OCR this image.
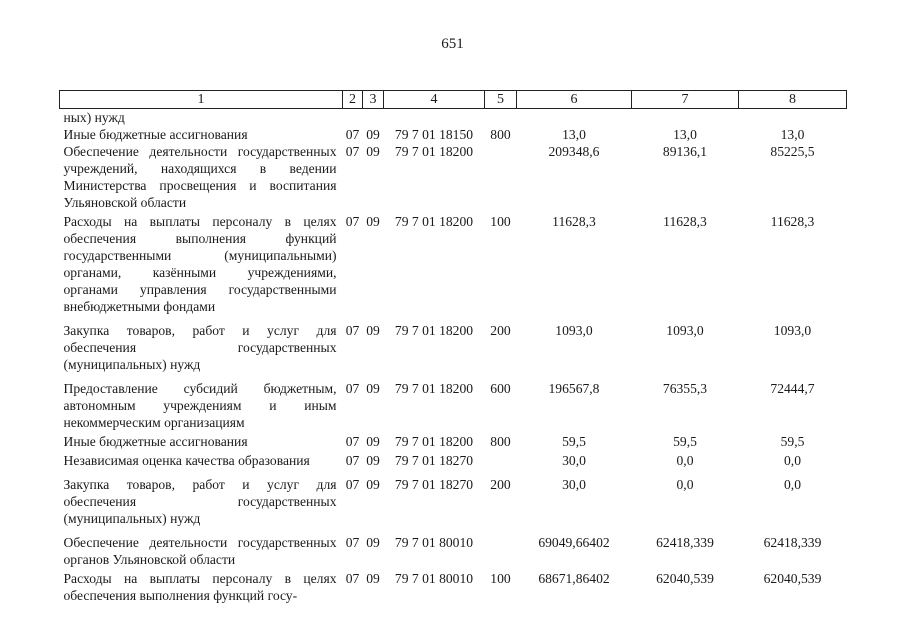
651
1	2	3	4	5	6	7	8
ных) нужд							
Иные бюджетные ассигнования	07	09	79 7 01 18150	800	13,0	13,0	13,0
Обеспечение деятельности государственных учреждений, находящихся в ведении Министерства просвещения и воспитания Ульяновской области	07	09	79 7 01 18200		209348,6	89136,1	85225,5
Расходы на выплаты персоналу в целях обеспечения выполнения функций государственными (муниципальными) органами, казёнными учреждениями, органами управления государственными внебюджетными фондами	07	09	79 7 01 18200	100	11628,3	11628,3	11628,3
Закупка товаров, работ и услуг для обеспечения государственных (муниципальных) нужд	07	09	79 7 01 18200	200	1093,0	1093,0	1093,0
Предоставление субсидий бюджетным, автономным учреждениям и иным некоммерческим организациям	07	09	79 7 01 18200	600	196567,8	76355,3	72444,7
Иные бюджетные ассигнования	07	09	79 7 01 18200	800	59,5	59,5	59,5
Независимая оценка качества образования	07	09	79 7 01 18270		30,0	0,0	0,0
Закупка товаров, работ и услуг для обеспечения государственных (муниципальных) нужд	07	09	79 7 01 18270	200	30,0	0,0	0,0
Обеспечение деятельности государственных органов Ульяновской области	07	09	79 7 01 80010		69049,66402	62418,339	62418,339
Расходы на выплаты персоналу в целях обеспечения выполнения функций госу-	07	09	79 7 01 80010	100	68671,86402	62040,539	62040,539
